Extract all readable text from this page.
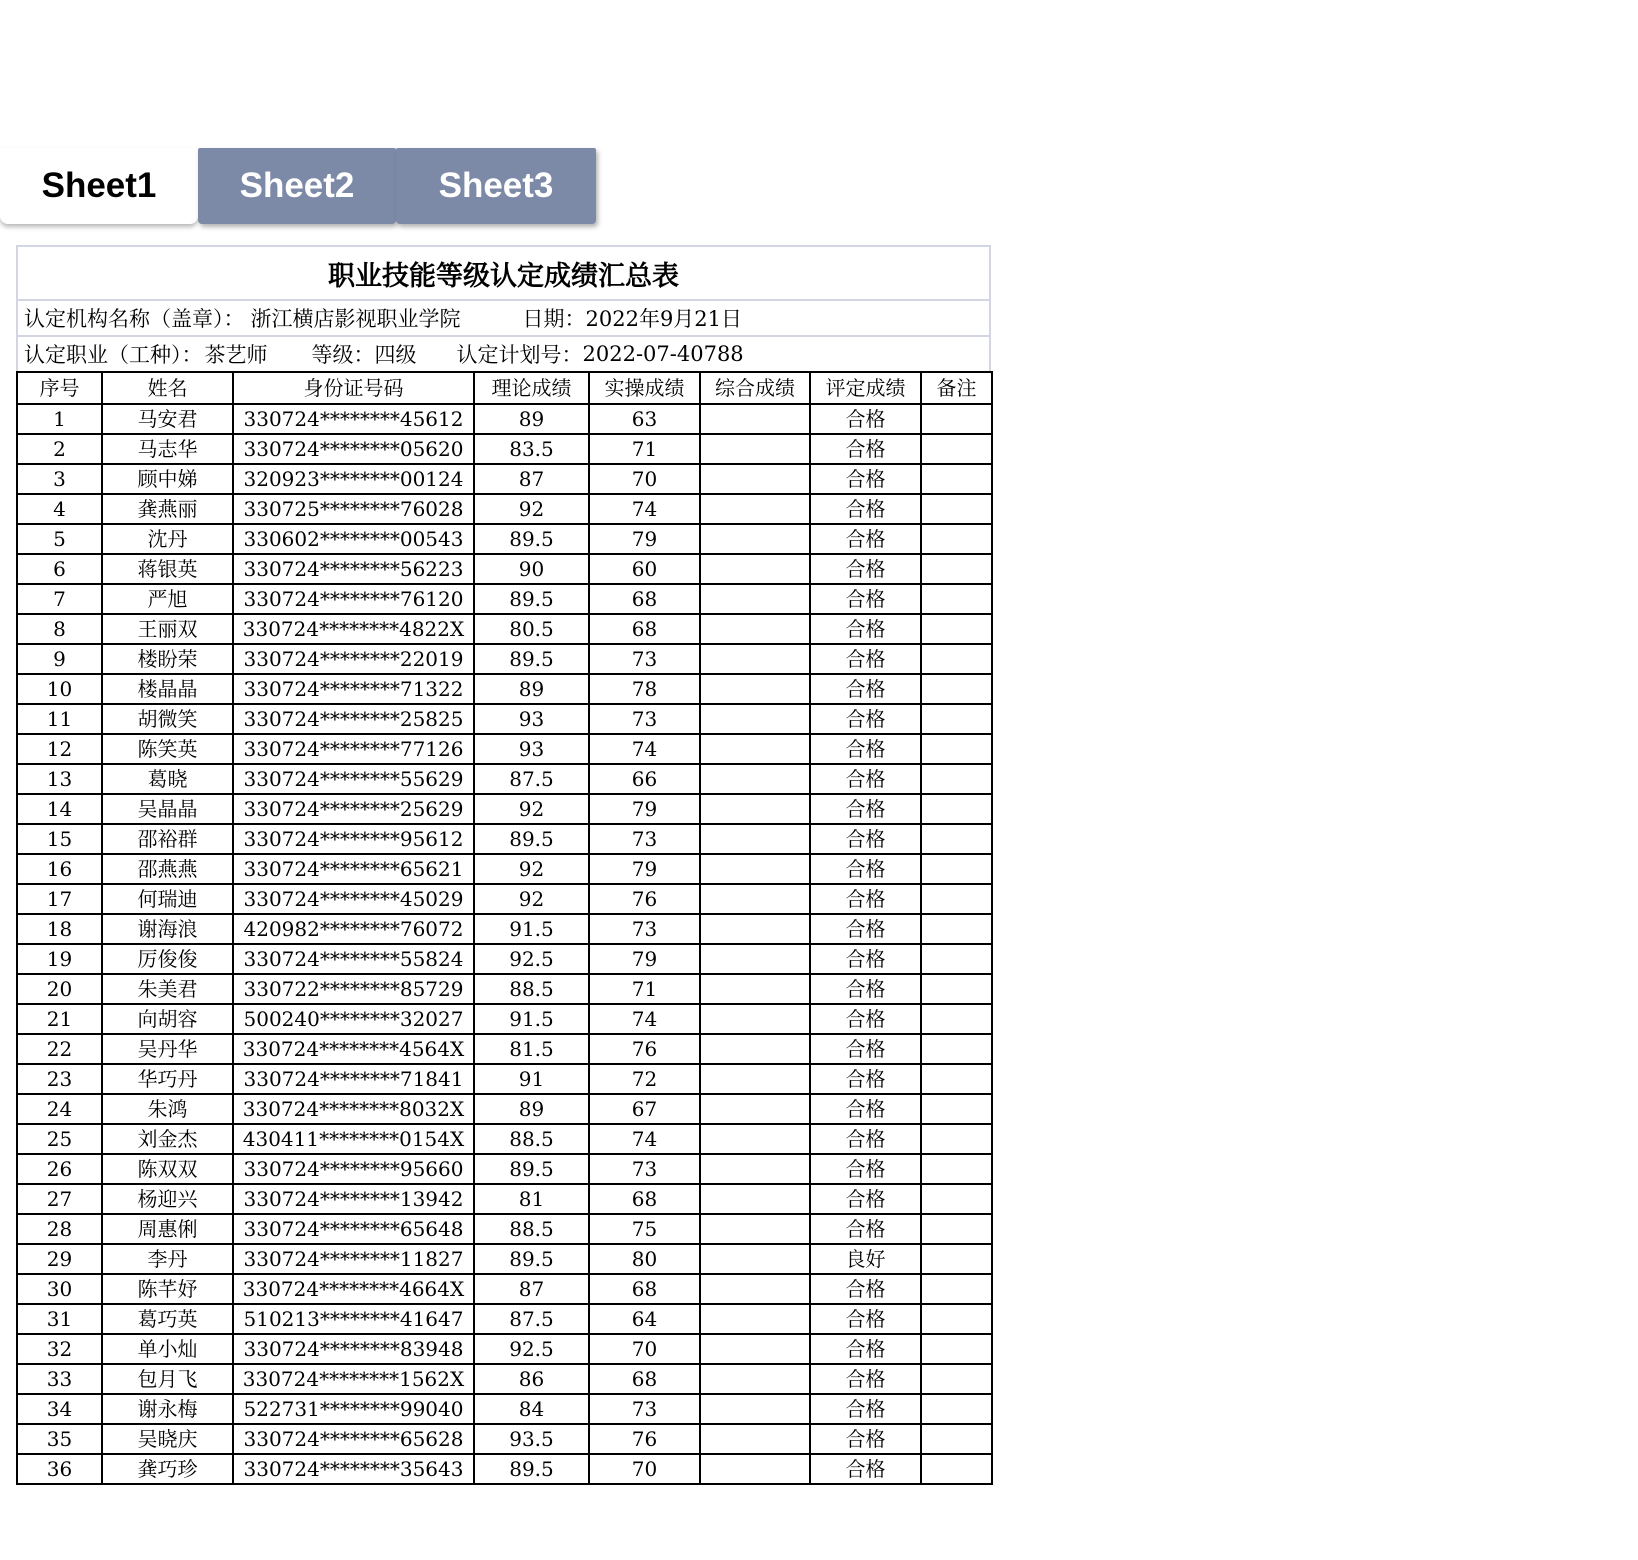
Sheet1	Sheet2	Sheet3
职业技能等级认定成绩汇总表
认定机构名称（盖章）： 浙江横店影视职业学院	日期： 2022年9月21日
认定职业（工种）： 茶艺师 等级： 四级 认定计划号： 2022-07-40788
序号	姓名	身份证号码	理论成绩	实操成绩	综合成绩	评定成绩	备注
1	马安君	330724********45612	89	63		合格	
2	马志华	330724********05620	83.5	71		合格	
3	顾中娣	320923********00124	87	70		合格	
4	龚燕丽	330725********76028	92	74		合格	
5	沈丹	330602********00543	89.5	79		合格	
6	蒋银英	330724********56223	90	60		合格	
7	严旭	330724********76120	89.5	68		合格	
8	王丽双	330724********4822X	80.5	68		合格	
9	楼盼荣	330724********22019	89.5	73		合格	
10	楼晶晶	330724********71322	89	78		合格	
11	胡微笑	330724********25825	93	73		合格	
12	陈笑英	330724********77126	93	74		合格	
13	葛晓	330724********55629	87.5	66		合格	
14	吴晶晶	330724********25629	92	79		合格	
15	邵裕群	330724********95612	89.5	73		合格	
16	邵燕燕	330724********65621	92	79		合格	
17	何瑞迪	330724********45029	92	76		合格	
18	谢海浪	420982********76072	91.5	73		合格	
19	厉俊俊	330724********55824	92.5	79		合格	
20	朱美君	330722********85729	88.5	71		合格	
21	向胡容	500240********32027	91.5	74		合格	
22	吴丹华	330724********4564X	81.5	76		合格	
23	华巧丹	330724********71841	91	72		合格	
24	朱鸿	330724********8032X	89	67		合格	
25	刘金杰	430411********0154X	88.5	74		合格	
26	陈双双	330724********95660	89.5	73		合格	
27	杨迎兴	330724********13942	81	68		合格	
28	周惠俐	330724********65648	88.5	75		合格	
29	李丹	330724********11827	89.5	80		良好	
30	陈芊妤	330724********4664X	87	68		合格	
31	葛巧英	510213********41647	87.5	64		合格	
32	单小灿	330724********83948	92.5	70		合格	
33	包月飞	330724********1562X	86	68		合格	
34	谢永梅	522731********99040	84	73		合格	
35	吴晓庆	330724********65628	93.5	76		合格	
36	龚巧珍	330724********35643	89.5	70		合格	
